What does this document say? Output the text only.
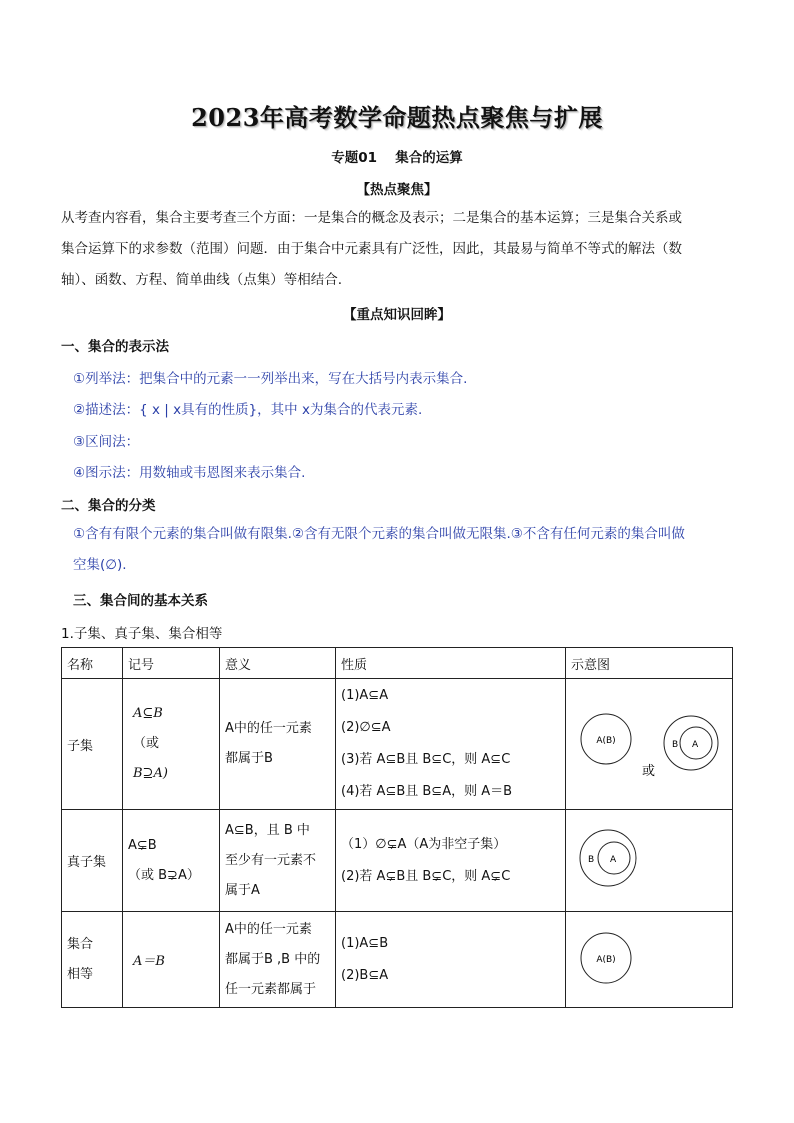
2023年高考数学命题热点聚焦与扩展
专题01　 集合的运算
【热点聚焦】
从考查内容看，集合主要考查三个方面：一是集合的概念及表示；二是集合的基本运算；三是集合关系或
集合运算下的求参数（范围）问题．由于集合中元素具有广泛性，因此，其最易与简单不等式的解法（数
轴）、函数、方程、简单曲线（点集）等相结合.
【重点知识回眸】
一、集合的表示法
①列举法：把集合中的元素一一列举出来，写在大括号内表示集合.
②描述法：{ x | x具有的性质}，其中 x为集合的代表元素.
③区间法：
④图示法：用数轴或韦恩图来表示集合.
二、集合的分类
①含有有限个元素的集合叫做有限集.②含有无限个元素的集合叫做无限集.③不含有任何元素的集合叫做
空集(∅).
三、集合间的基本关系
1.子集、真子集、集合相等
名称	记号	意义	性质	示意图
子集	A⊆B
（或
B⊇A)	A中的任一元素
都属于B	(1)A⊆A
(2)∅⊆A
(3)若 A⊆B且 B⊆C，则 A⊆C
(4)若 A⊆B且 B⊆A，则 A＝B	A(B) B A
或

真子集	A⊊B
（或 B⊋A）	A⊆B，且 B 中
至少有一元素不
属于A	（1）∅⊊A（A为非空子集）
(2)若 A⊊B且 B⊊C，则 A⊊C	B A

集合
相等	A＝B	A中的任一元素
都属于B ,B 中的
任一元素都属于	(1)A⊆B
(2)B⊆A	A(B)
